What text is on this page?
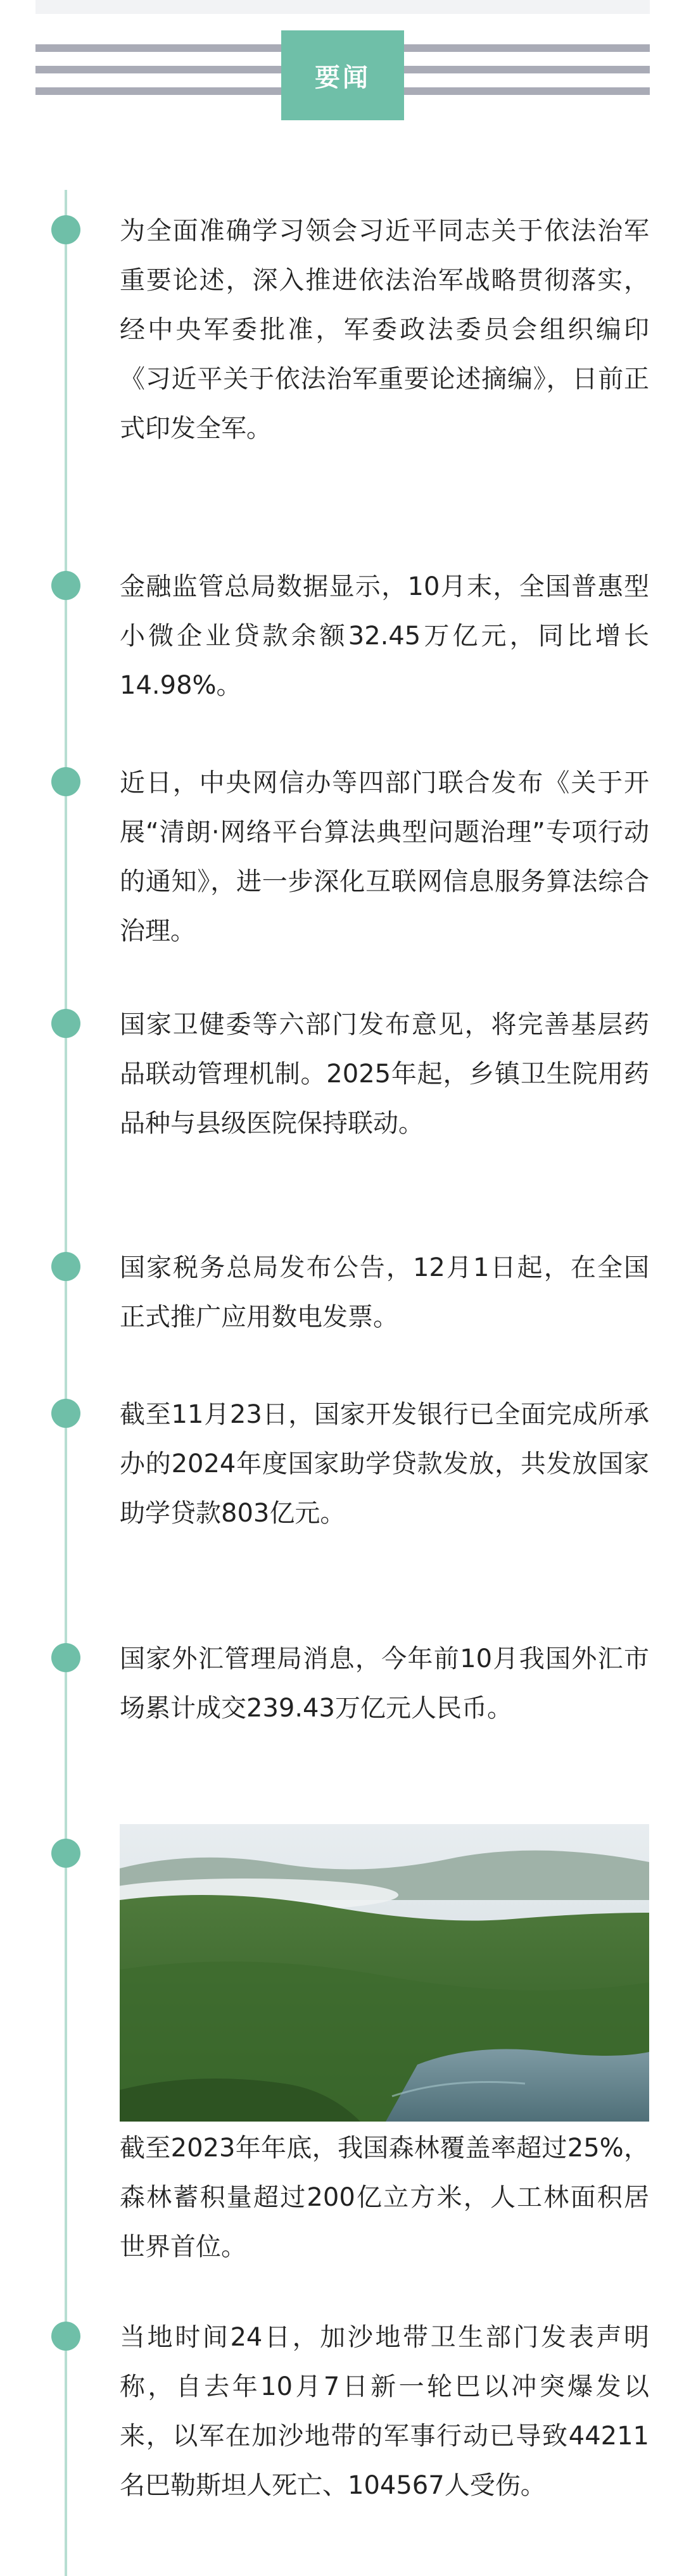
要闻

为全面准确学习领会习近平同志关于依法治军重要论述，深入推进依法治军战略贯彻落实，经中央军委批准，军委政法委员会组织编印《习近平关于依法治军重要论述摘编》，日前正式印发全军。

金融监管总局数据显示，10月末，全国普惠型小微企业贷款余额32.45万亿元，同比增长14.98%。

近日，中央网信办等四部门联合发布《关于开展“清朗·网络平台算法典型问题治理”专项行动的通知》，进一步深化互联网信息服务算法综合治理。

国家卫健委等六部门发布意见，将完善基层药品联动管理机制。2025年起，乡镇卫生院用药品种与县级医院保持联动。

国家税务总局发布公告，12月1日起，在全国正式推广应用数电发票。

截至11月23日，国家开发银行已全面完成所承办的2024年度国家助学贷款发放，共发放国家助学贷款803亿元。

国家外汇管理局消息，今年前10月我国外汇市场累计成交239.43万亿元人民币。

截至2023年年底，我国森林覆盖率超过25%，森林蓄积量超过200亿立方米，人工林面积居世界首位。

当地时间24日，加沙地带卫生部门发表声明称，自去年10月7日新一轮巴以冲突爆发以来，以军在加沙地带的军事行动已导致44211名巴勒斯坦人死亡、104567人受伤。
